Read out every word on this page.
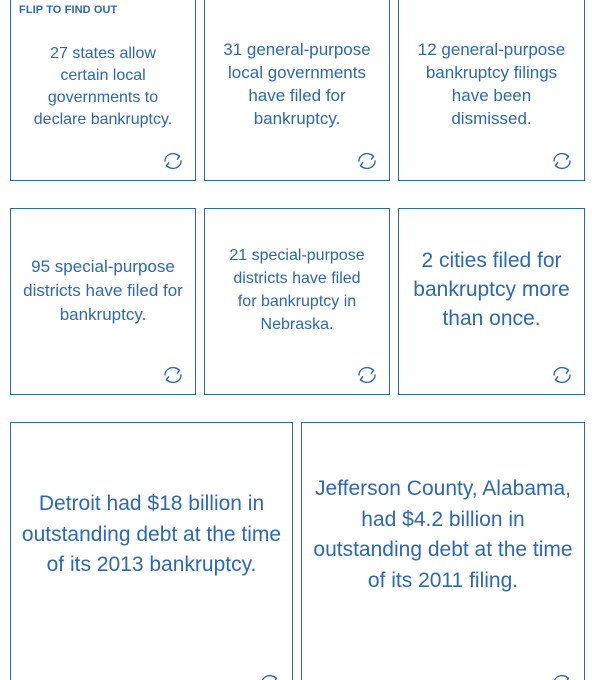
FLIP TO FIND OUT
27 states allow certain local governments to declare bankruptcy.
31 general-purpose local governments have filed for bankruptcy.
12 general-purpose bankruptcy filings have been dismissed.
95 special-purpose districts have filed for bankruptcy.
21 special-purpose districts have filed for bankruptcy in Nebraska.
2 cities filed for bankruptcy more than once.
Detroit had $18 billion in outstanding debt at the time of its 2013 bankruptcy.
Jefferson County, Alabama, had $4.2 billion in outstanding debt at the time of its 2011 filing.
